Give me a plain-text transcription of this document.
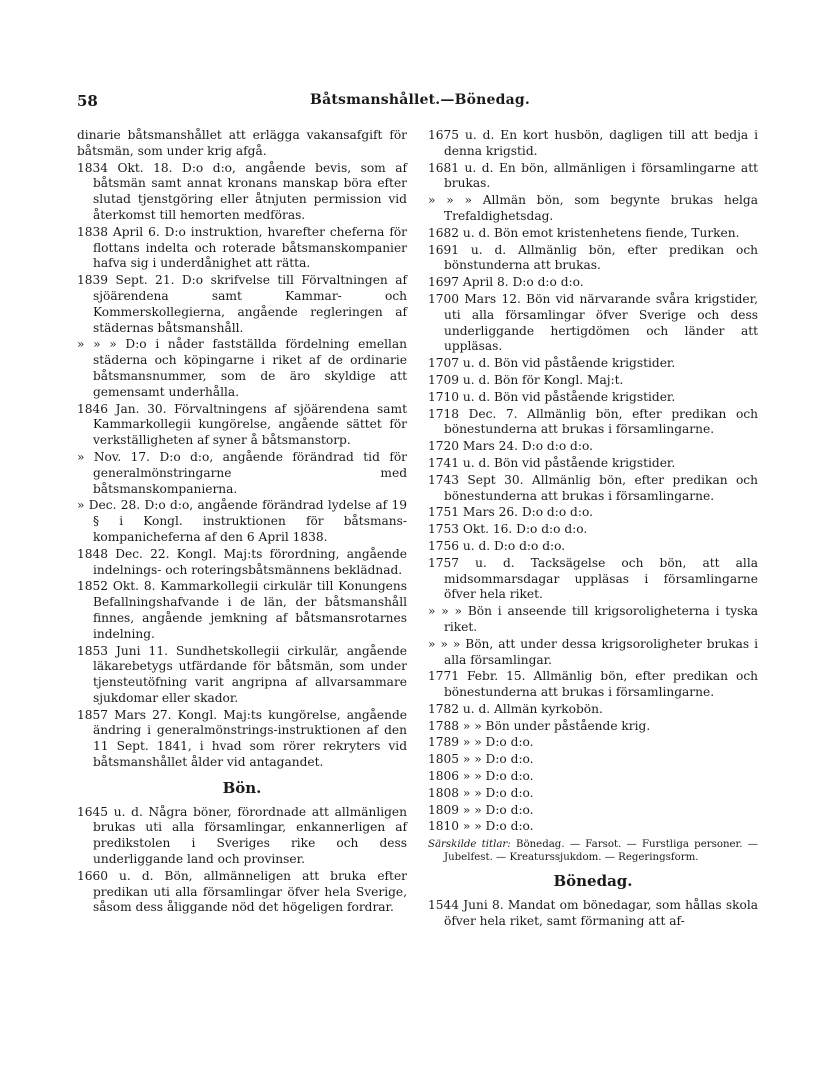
58	Båtsmanshållet.—Bönedag.

dinarie båtsmanshållet att erlägga vakansafgift för båtsmän, som under krig afgå.

1834 Okt. 18. D:o d:o, angående bevis, som af båtsmän samt annat kronans manskap böra efter slutad tjenstgöring eller åtnjuten permission vid återkomst till hemorten medföras.

1838 April 6. D:o instruktion, hvarefter cheferna för flottans indelta och roterade båtsmanskompanier hafva sig i underdånighet att rätta.

1839 Sept. 21. D:o skrifvelse till Förvaltningen af sjöärendena samt Kammar- och Kommerskollegierna, angående regleringen af städernas båtsmanshåll.

» » » D:o i nåder fastställda fördelning emellan städerna och köpingarne i riket af de ordinarie båtsmansnummer, som de äro skyldige att gemensamt underhålla.

1846 Jan. 30. Förvaltningens af sjöärendena samt Kammarkollegii kungörelse, angående sättet för verkställigheten af syner å båtsmanstorp.

» Nov. 17. D:o d:o, angående förändrad tid för generalmönstringarne med båtsmanskompanierna.

» Dec. 28. D:o d:o, angående förändrad lydelse af 19 § i Kongl. instruktionen för båtsmans-kompanicheferna af den 6 April 1838.

1848 Dec. 22. Kongl. Maj:ts förordning, angående indelnings- och roteringsbåtsmännens beklädnad.

1852 Okt. 8. Kammarkollegii cirkulär till Konungens Befallningshafvande i de län, der båtsmanshåll finnes, angående jemkning af båtsmansrotarnes indelning.

1853 Juni 11. Sundhetskollegii cirkulär, angående läkarebetygs utfärdande för båtsmän, som under tjensteutöfning varit angripna af allvarsammare sjukdomar eller skador.

1857 Mars 27. Kongl. Maj:ts kungörelse, angående ändring i generalmönstrings-instruktionen af den 11 Sept. 1841, i hvad som rörer rekryters vid båtsmanshållet ålder vid antagandet.

Bön.

1645 u. d. Några böner, förordnade att allmänligen brukas uti alla församlingar, enkannerligen af predikstolen i Sveriges rike och dess underliggande land och provinser.

1660 u. d. Bön, allmänneligen att bruka efter predikan uti alla församlingar öfver hela Sverige, såsom dess åliggande nöd det högeligen fordrar.

1675 u. d. En kort husbön, dagligen till att bedja i denna krigstid.

1681 u. d. En bön, allmänligen i församlingarne att brukas.

» » » Allmän bön, som begynte brukas helga Trefaldighetsdag.

1682 u. d. Bön emot kristenhetens fiende, Turken.

1691 u. d. Allmänlig bön, efter predikan och bönstunderna att brukas.

1697 April 8. D:o d:o d:o.

1700 Mars 12. Bön vid närvarande svåra krigstider, uti alla församlingar öfver Sverige och dess underliggande hertigdömen och länder att uppläsas.

1707 u. d. Bön vid påstående krigstider.

1709 u. d. Bön för Kongl. Maj:t.

1710 u. d. Bön vid påstående krigstider.

1718 Dec. 7. Allmänlig bön, efter predikan och bönestunderna att brukas i församlingarne.

1720 Mars 24. D:o d:o d:o.

1741 u. d. Bön vid påstående krigstider.

1743 Sept 30. Allmänlig bön, efter predikan och bönestunderna att brukas i församlingarne.

1751 Mars 26. D:o d:o d:o.

1753 Okt. 16. D:o d:o d:o.

1756 u. d. D:o d:o d:o.

1757 u. d. Tacksägelse och bön, att alla midsommarsdagar uppläsas i församlingarne öfver hela riket.

» » » Bön i anseende till krigsoroligheterna i tyska riket.

» » » Bön, att under dessa krigsoroligheter brukas i alla församlingar.

1771 Febr. 15. Allmänlig bön, efter predikan och bönestunderna att brukas i församlingarne.

1782 u. d. Allmän kyrkobön.

1788 » » Bön under påstående krig.

1789 » » D:o d:o.

1805 » » D:o d:o.

1806 » » D:o d:o.

1808 » » D:o d:o.

1809 » » D:o d:o.

1810 » » D:o d:o.

Särskilde titlar: Bönedag. — Farsot. — Furstliga personer. — Jubelfest. — Kreaturssjukdom. — Regeringsform.
Bönedag.

1544 Juni 8. Mandat om bönedagar, som hållas skola öfver hela riket, samt förmaning att af-
